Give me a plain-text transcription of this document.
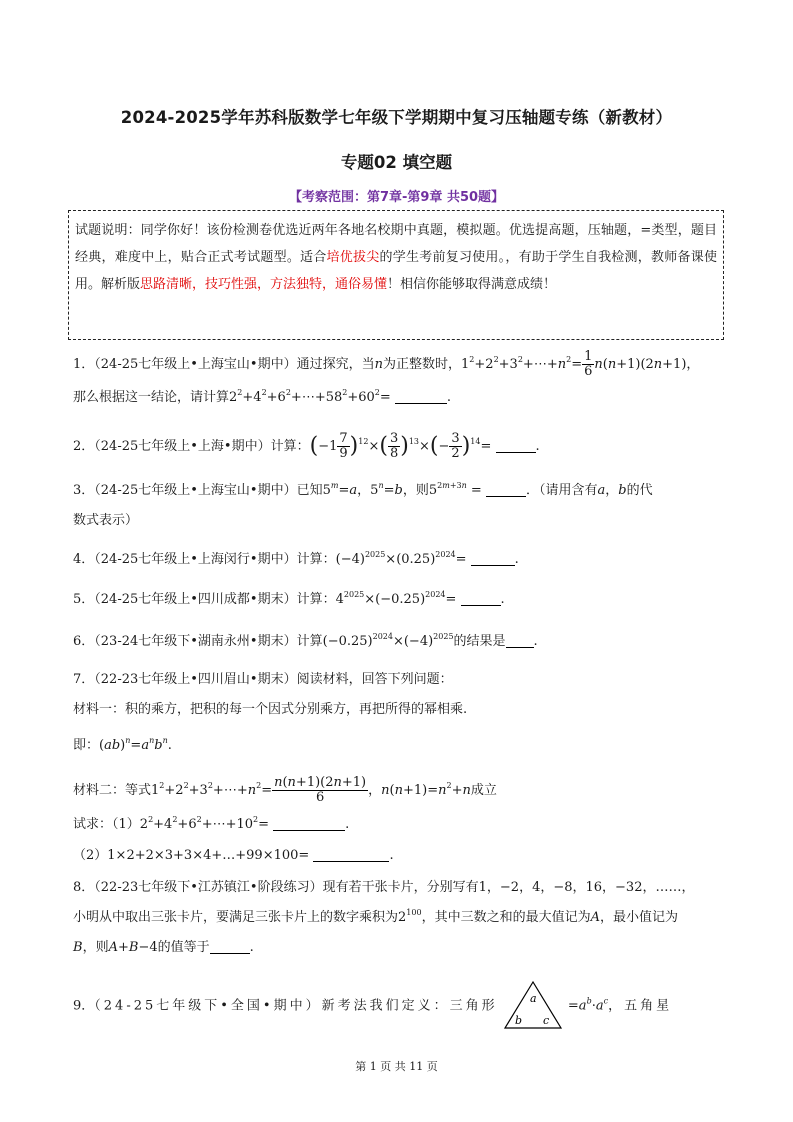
2024-2025学年苏科版数学七年级下学期期中复习压轴题专练（新教材）
专题02 填空题
【考察范围：第7章-第9章 共50题】
试题说明：同学你好！该份检测卷优选近两年各地名校期中真题，模拟题。优选提高题，压轴题，=类型，题目经典，难度中上，贴合正式考试题型。适合培优拔尖的学生考前复习使用。，有助于学生自我检测，教师备课使用。解析版思路清晰，技巧性强，方法独特，通俗易懂！相信你能够取得满意成绩！
1．（24-25七年级上•上海宝山•期中）通过探究，当n为正整数时，$1^2+2^2+3^2+\cdots+n^2= \frac{1}{6} n(n+1)(2n+1)$，
那么根据这一结论，请计算$2^2+4^2+6^2+\cdots+58^2+60^2=$	.
2．（24-25七年级上•上海•期中）计算：$(-1 \frac{7}{9} )^{12}\times( \frac{3}{8} )^{13}\times(- \frac{3}{2} )^{14}=$	.
3．（24-25七年级上•上海宝山•期中）已知$5^m=a$，$5^n=b$，则$5^{2m+3n}$ =	．（请用含有a，b的代
数式表示）
4．（24-25七年级上•上海闵行•期中）计算：$(-4)^{2025}\times(0.25)^{2024}=$	.
5．（24-25七年级上•四川成都•期末）计算：$4^{2025}\times(-0.25)^{2024}=$	.
6．（23-24七年级下•湖南永州•期末）计算$(-0.25)^{2024}\times(-4)^{2025}$的结果是 .
7．（22-23七年级上•四川眉山•期末）阅读材料，回答下列问题：
材料一：积的乘方，把积的每一个因式分别乘方，再把所得的幂相乘.
即：$(ab)^n=a^nb^n$.
材料二：等式$1^2+2^2+3^2+\cdots+n^2= \frac{n(n+1)(2n+1)}{6}$ ，$n(n+1)=n^2+n$成立
试求：$(1)2^2+4^2+6^2+\cdots+10^2=$	.
（2）1×2+2×3+3×4+…+99×100=	.
8．（22-23七年级下•江苏镇江•阶段练习）现有若干张卡片，分别写有1，−2，4，−8，16，−32，……，
小明从中取出三张卡片，要满足三张卡片上的数字乘积为$2^{100}$，其中三数之和的最大值记为A，最小值记为
B，则A+B−4的值等于	.
9．（24-25七年级下•全国•期中）新考法我们定义：三角形	a
b c
$=a^b\cdot a^c$，五角星
第 1 页 共 11 页
